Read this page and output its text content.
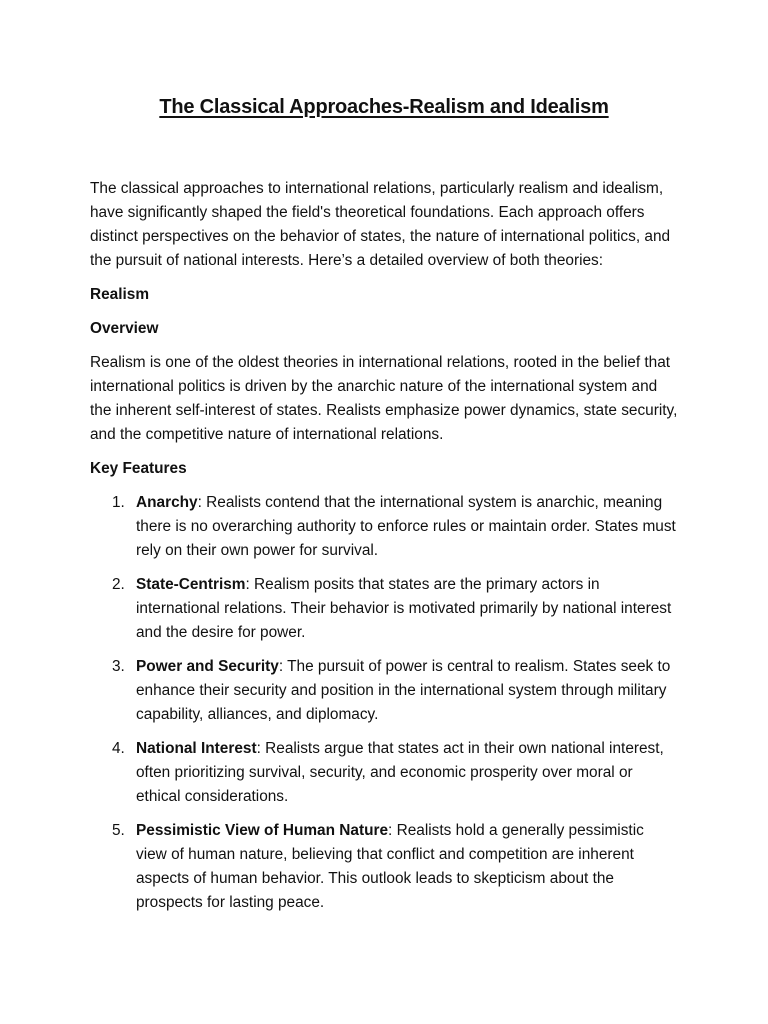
The Classical Approaches-Realism and Idealism

The classical approaches to international relations, particularly realism and idealism, have significantly shaped the field's theoretical foundations. Each approach offers distinct perspectives on the behavior of states, the nature of international politics, and the pursuit of national interests. Here’s a detailed overview of both theories:

Realism
Overview

Realism is one of the oldest theories in international relations, rooted in the belief that international politics is driven by the anarchic nature of the international system and the inherent self-interest of states. Realists emphasize power dynamics, state security, and the competitive nature of international relations.

Key Features
1. Anarchy: Realists contend that the international system is anarchic, meaning there is no overarching authority to enforce rules or maintain order. States must rely on their own power for survival.
2. State-Centrism: Realism posits that states are the primary actors in international relations. Their behavior is motivated primarily by national interest and the desire for power.
3. Power and Security: The pursuit of power is central to realism. States seek to enhance their security and position in the international system through military capability, alliances, and diplomacy.
4. National Interest: Realists argue that states act in their own national interest, often prioritizing survival, security, and economic prosperity over moral or ethical considerations.
5. Pessimistic View of Human Nature: Realists hold a generally pessimistic view of human nature, believing that conflict and competition are inherent aspects of human behavior. This outlook leads to skepticism about the prospects for lasting peace.
